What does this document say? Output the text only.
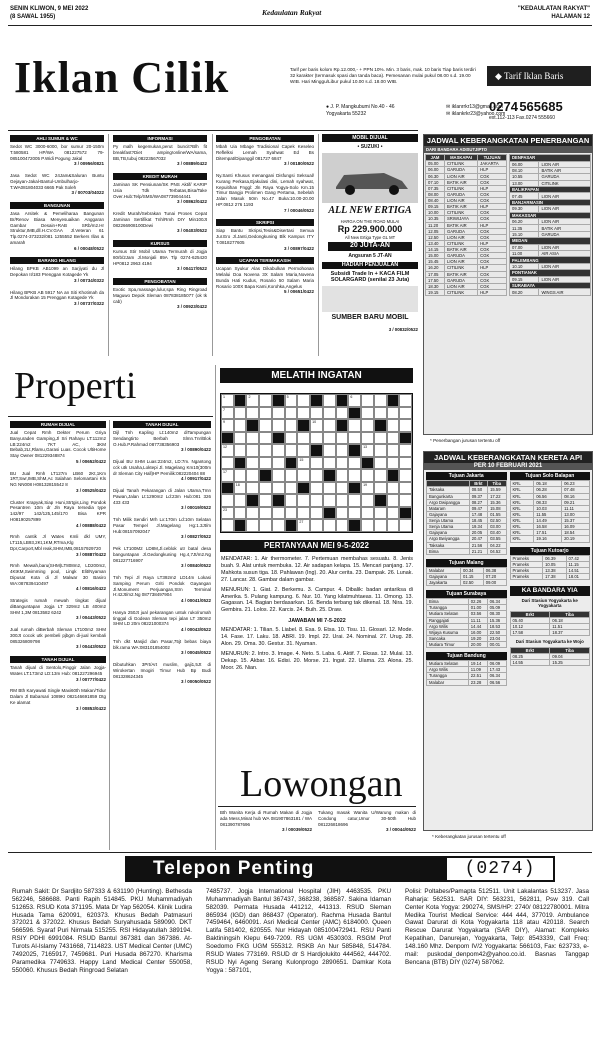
SENIN KLIWON, 9 MEI 2022
(8 SAWAL 1955)	Kedaulatan Rakyat	"KEDAULATAN RAKYAT"
HALAMAN 12
Iklan Cilik	Tarif per baris kolom Rp.12.000,- + PPN 10%. Min. 3 baris, mak. 10 baris Tiap baris terdiri 32 karakter (termasuk spasi dan tanda baca). Pemesanan mulai pukul 08.00 s.d. 19.00 WIB. Hari Minggu/Libur pukul 10.00 s.d. 18.00 WIB.
◆ Tarif Iklan Baris
● J. P. Mangkubumi No.40 - 46
Yogyakarta 55232
✉ iklanrrkr13@gmail.com
✉ iklankrkr23@yahoo.com
0274 565685
ext.112-113 Fax.0274 555660
AHLI SUMUR & WC
Sedot WC 3000-6000, bor sumur 20-150m T.580581 HP/WA 081227572 79-085100472005 P.Widi Pogung Jakal
3 / 00956/0821
Jasa Sedot WC 24Jam&Saluran Buntu Gejayan-Jakal-Bantul-Umbulharjo-T.WA081804033 6665 Pak Soleh
3 / 00703/04022
BANGUNAN
Jasa Arsitek & Pemeliharaa Bangunan Br/Renov Biasa Menyesuaikan Anggaran Gambar Desain+RAB SRb/m2.Hr Struktur,IMB,dll.H.CV.GAA Jl.Veteran 61 Tlp.0274-373232/081 1255552 Berkers Illas & amarah
6 / 00048/0522
BARANG HILANG
Hilang BPKB AB1099 an Sarjiyati du Jl Depokan II/183 Prenggan Kotagede Yk
3 / 00734/0322
Hilang BPKB AB 5917 NA an Siti Khotimah da Jl Mondorakan 15 Prenggan Kotagede Yk
3 / 00737/0322
INFORMASI
Py malh kegemukan,perut buncit?Blh fit breakfast?Diet amping!online/WA/sama, BB,TB,tubuj 08223567032
3 / 00889/0422
KREDIT MURAH
Jaminan SK Pensiunan/SK PNS Aktif/ KARIP Usia Tdk Terbatas,Bisa/Take Over.Hub:Telp/SMS/WA087739044441
3 / 00862/0422
Kredit Murah/Sebrakan Tunai Proses Cepat Jaminan Sertifikat Tnh/Rmh DIY Min100Jt 082266908100Dewi
3 / 00403/0522
KURSUS
Kursus Stir Mobil Utama Termurah di Jogja 80rb/2Jam Jl.Monjali 89A Tlp 0274-625420 HP0812 2963 4194
3 / 00417/0522
PENGOBATAN
Exotic Spa,massage,lulur,spa Ring Ringroad Maguwo Depok Sleman 087838185077 (ok tk cab)
3 / 00923/0422
PENGOBATAN
Mbah Uia Mbage Tradisional Capek Keseleo Reflelksi Lemah Syahwat Ed Bs Ditempat/Dipanggil 081727 6847
3 / 00180/0522
Ny.Santi Khusus menangani Disfungsi Seksual/ Kurang Perkasa,Ejakulasi dini, Lemah syahwat, Kepuitihan Fnggl: Jln Raya Yogya-Solo Km.15 Timur Bangjo Prolimen Gang Pertama, Sebelah Jalan Masuk 50m No.47 Buka:10.00-20.00 HP:0812 276 1193
7 / 00046/0522
SKRIPSI
Siap Bantu Skripsi,Tesis&Disertasi Semua Jur.Ero Jl.Janti,Gedongkuning Blk Kampus ITY T.0818277605
3 / 00897/0422
UCAPAN TERIMAKASIH
Ucapan Syukur Alas Dikabulkan Permohonan Melalui Doa Novena 3X Salam Maria,Novena Bunda Hati Kudus, Rosario 50 Salam Maria Rosario 100X Bapa Kami,Korohka,Angelus
5 / 00651/0422
MOBIL DIJUAL
• SUZUKI •
ALL NEW ERTIGA
HARGA ON THE ROAD MULAI
Rp 229.900.000
All New Ertiga Type GL MT
20 JUTA-AN
Angsuran 5 JT-AN
HADIAH PENJUALAN
Subsidi Trade In + KACA FILM SOLARGARD (senilai 23 Juta)
SUMBER BARU MOBIL
3 / 00832/0522
JADWAL KEBERANGKATAN PENERBANGAN
DARI BANDARA ADISUTJIPTO
JAM	MASKAPAI	TUJUAN
05.00	CITILINK	JAKARTA
06.00	GARUDA	HLP
06.30	LION AIR	CGK
07.10	BATIK AIR	CGK
07.35	CITILINK	HLP
08.00	GARUDA	CGK
08.40	LION AIR	CGK
09.15	BATIK AIR	HLP
10.00	CITILINK	CGK
10.35	SRIWIJAYA	CGK
11.20	BATIK AIR	HLP
12.05	GARUDA	CGK
12.50	LION AIR	CGK
13.40	CITILINK	HLP
14.15	BATIK AIR	CGK
15.00	GARUDA	CGK
15.45	LION AIR	CGK
16.20	CITILINK	HLP
17.05	BATIK AIR	CGK
17.50	GARUDA	CGK
18.30	LION AIR	CGK
19.15	CITILINK	HLP
DENPASAR	
06.00	LION AIR
08.10	BATIK AIR
10.55	GARUDA
13.00	CITILINK
BALIKPAPAN	
07.45	LION AIR
BANJARMASIN	
09.30	LION AIR
MAKASSAR	
06.20	LION AIR
11.35	BATIK AIR
15.10	GARUDA
MEDAN	
07.00	LION AIR
11.00	AIR ASIA
PALEMBANG	
10.10	LION AIR
PONTIANAK	
09.15	LION AIR
SURABAYA	
08.20	WINGS AIR
* Penerbangan jurusan tertentu off
Properti
RUMAH DIJUAL
Jual Cepat Rmh Dekter Perum Griya Banyuraden Gamping,Jl Sri Rahayu LT:112m2 LB:224m2 7KT AC, 3KM Bebab,2Lt,Rlamu,Garasi Luas. Cocok UltiHome Stay Owner 081229348874
5 / 00652/0422
BU Jual Rmh LT127m LB60 2Kt,1Km 1RT,Swr,IMB,ShM,Ac Salahan Selomartani Kls NG NN008 H08132815542 8
3 / 00525/0422
Cluster Krapyak,Siap Huni,Strtgis,Ling Pondok Pesantren 10m dr Jln Raya tersedia type 142/97 142/125,145/170 Bisa KPR H08190257899
4 / 00888/0422
Rmh cantik Jl Wates Kmli dkl UMY, LT115,LB93,2Kt,1KM,RTma,Klg Dpr,Carport,Mbl reak,SHM,IMB,08157929720
3 / 00887/0422
Rmh Mewah,baru(SHM)LT808m2, LD200m2, 4KtKM,Swimming pool, Lingk Elit/Nyaman Dipusat Kota di Jl Malwar 30 Basiro WA:087839410497
4 / 00816/0422
Strategis rumah mewah tingkat dijual diBanguntapan Jogja LT 329m2 LB 400m2 SHM 1,3M 0813582 6242
3 / 00443/0522
Jual rumah diBerbah Sleman LT100m2 SHM 300Jt cocok utk pembeli pjbgm di-jual kembali 085326809798
3 / 00443/0522
TANAH DIJUAL
Tanah dijual di Sentolo,Pinggir Jalan Jogja-Wates LT:173m2 LD:13m Hub: 081227296945
3 / 00777/0422
RM Bth Karyawati Single Maxi60th Makan/Tidur Dalam Jl Babarsari 1089KI 082146691859 Dtg Ke alamat
3 / 00853/0422
TANAH DIJUAL
Dijl Tnh Kapling Lt:140m2 diTampungan Sendangtirto Berbah Slmn.Tnr/Blok O.Hub.P.Rahmad 087738356903
3 / 00890/0422
Dijual BU SHM Luas:224m2, LD:7m. Ngantong cck utk Usaha,Loktepi Jl. Magelang Km10(300m dr Sleman City Hall)HP Pemilik:082220404 88
4 / 00917/0422
Dijual Tanah Pekarangan di Jalan Utama,Tmn Pawan,Jalan Lt:1290m2 Ld:23m Hub:081 326 433 433
3 / 00019/0522
Tnh Milik Sendiri Mrh Lx:170m Ld:10m Selatan Pasar Tempel Jl.Magelang Hg:1.3Jt/m Hub:08157092047
3 / 00827/0522
Pek LT100M2 LD8M,Jl.ceblok utr batal desa banguntapan Jl.Gedongkuning Hg.4,7Jt/m2.Ng 081227716907
3 / 00840/0522
Tnh Tepi Jl Raya LT392m2 LD14m Lokasi Samping Perum Griti Pondok Gayangan Jl.Monument Perjuangan,Strn Terminal H:42Jt/m2.Ng 087738497904
4 / 00041/0522
Hanya 250Jt jual pekarangan untuk ruko/rumah tinggal di Godean Sleman tepi jalan LT 350m2 SHM LD 20m 08221000374
4 / 00043/0522
Tnh dkt Masjid dan Pasar,75jt bebas biaya blk.rama WA:083101854002
3 / 00045/0522
Dibutuhkan 3Prt/Art muslim, gaji1,5Jt di Wirokertan Imogiri Timur Hub Bp Budi 081328624345
3 / 00050/0522
MELATIH INGATAN
1	2	5	6
7
9	10
12	13
15
17
18	19
23
27
PERTANYAAN MEI 9-5-2022

MENDATAR: 1. Air thermometer. 7. Pertemuan membahas sesuatu. 8. Jenis buah. 9. Alat untuk membuka. 12. Air sadapan kelapa. 15. Mencari panjang. 17. Mahkota susun tiga. 18. Pahlawan (Ing). 20. Alur cerita. 23. Dampak. 26. Lunak. 27. Lancar. 28. Gambar dalam gambar.

MENURUN: 1. Giat. 2. Berkemu. 3. Campur. 4. Dibalik: badan antariksa di Amerika. 5. Pulang kampung. 6. Nur. 10. Yang kilatmuhtaeas. 11. Omong. 13. Gagasan. 14. Bagian berdasarkan. 16. Benda terbang tak dikenal. 18. Nira. 19. Gembira. 21. Lolos. 22. Karcis. 24. Buih. 25. Draw.

JAWABAN MI 7-5-2022

MENDATAR: 1. Tilian. 5. Liabel. 8. Esa. 9. Etsa. 10. Tisu. 11. Glosari. 12. Mode. 14. Fase. 17. Laku. 18. ABRI. 19. Impl. 22. Urai. 24. Nominal. 27. Urug. 28. Alon. 29. Oma. 30. Gestur. 31. Nyaman.

MENURUN: 2. Intro. 3. Image. 4. Neto. 5. Laba. 6. Aktif. 7. Eksas. 12. Mulai. 13. Dekap. 15. Akbar. 16. Edisi. 20. Morse. 21. Ingat. 22. Ulama. 23. Alona. 25. Moor. 26. Nian.

Lowongan
Bth Wanita Kerja di Rumah Makan di Jogja ada Mess,Minat hub WA 081907863181 / WA 081390787696
3 / 00039/0522
Tukang masak Wanita U/Warung makan di Condong catur,Umur 30-50th Hub 081226818696
3 / 00044/0522
JADWAL KEBERANGKATAN KERETA API
PER 10 FEBRUARI 2021
Tujuan Jakarta
	Brkt	Tiba
Taksaka	08.50	15.59
Bangunkarta	09.37	17.22
Argo Dwipangga	08.27	15.36
Mataram	09.47	15.08
Gajayana	17.48	01.55
Senja Utama	18.45	02.50
Senja Utama	19.34	03.00
Gajayana	20.05	03.40
Argo Bwiyangga	20.47	03.55
Taksaka	21.56	04.22
Bima	21.21	04.52
Tujuan Malang
Malabar	00.34	06.38
Gajayana	01.15	07.20
Jayakarta	02.50	09.00
Tujuan Surabaya
Bima	02.26	06.34
Turangga	01.00	05.09
Mutiara Selatan	03.56	08.30
Ranggajati	11.11	15.36
Argo Wilis	14.44	18.53
Wijaya Kusuma	16.00	22.50
Sancaka	19.20	23.04
Mutiara Timur	20.00	00.01
Tujuan Bandung
Mutiara Selatan	19.14	06.09
Argo Wilis	11.09	17.43
Turangga	22.51	06.34
Malabar	23.28	06.56
Tujuan Solo Balapan
KRL	05.18	06.23
KRL	06.28	07.48
KRL	06.56	08.16
KRL	08.33	09.21
KRL	10.03	11.11
KRL	11.55	13.00
KRL	14.49	15.37
KRL	16.58	16.09
KRL	17.51	18.54
KRL	19.16	20.19
Tujuan Kutoarjo
Prameks	06.39	07.42
Prameks	10.05	11.15
Prameks	13.38	14.51
Prameks	17.38	18.01
KA BANDARA YIA
Dari Stasiun Yogyakarta ke Yogyakarta
Brkt	Tiba
05.40	06.18
10.12	11.51
17.58	18.37
Dari Stasiun Yogyakarta ke Wojo
Brkt	Tiba
08.25	09.04
14.55	15.25
* Keberangkatan jurusan tertentu off
Telepon Penting	(0274)
Rumah Sakit: Dr Sardjito 587333 & 631190 (Hunting). Bethesda 562246, 586688. Panti Rapih 514845. PKU Muhammadiyah 512653. RSUD Kota 371195. Mata Dr Yap 562054. Klinik Ludira Husada Tama 620091, 620373. Khusus Bedah Patmasuri 372021 & 372022. Khusus Bedah Suryahusada 589090. DKT 566596. Syaraf Puri Nirmala 515255. RSI Hidayatullah 389194. RSIY PDHI 6991084. RSUD Bantul 367381 dan 367386. At-Turots Al-Islamy 7431668, 7114823. UST Medical Center (UMC) 7492025, 7165917, 7459681. Puri Husada 867270. Kharisma Paramedika 7749633. Happy Land Medical Center 550058, 550060. Khusus Bedah Ringroad Selatan
7485737. Jogja International Hospital (JIH) 4463535. PKU Muhammadiyah Bantul 367437, 368238, 368587. Sakina Idaman 582039. Permata Husada 441212, 441313. RSUD Sleman 865934 (IGD) dan 868437 (Operator). Rachma Husada Bantul 7459464, 6460091. Asri Medical Center (AMC) 6184000. Queen Latifa 581402, 620555. Nur Hidayah 085100472941. RSU Panti Baktiningsih Klepu 649-7209. RS UGM 4530303. RSGM Prof Soedomo FKG UGM 555312. RSKB An Nur 585848, 514784. RSUD Wates 773169. RSUD dr S Hardjolukito 444562, 444702. RSUD Nyi Ageng Serang Kulonprogo 2890651. Damkar Kota Yogya : 587101,
Polisi: Poltabes/Pamapta 512511. Unit Lakalantas 513237. Jasa Raharja: 562531. SAR DIY: 563231, 562811, Psw 319. Call Center Kota Yogya: 290274, SMS/HP: 2740/ 08122780001. Mitra Medika Tourist Medical Service: 444 444, 377019. Ambulance Gawat Darurat di Kota Yogyakarta 118 atau 420118. Search Rescue Darurat Yogyakarta (SAR DIY), Alamat: Kompleks Kepatihan, Danurejan, Yogyakarta, Telp: 8543339, Call Freq: 148.160 Mhz. Denpom IV/2 Yogyakarta: 566103, Fax: 623733, e-mail: puskodal_denpom42@yahoo.co.id. Basnas Tanggap Bencana (BTB) DIY (0274) 587062.
